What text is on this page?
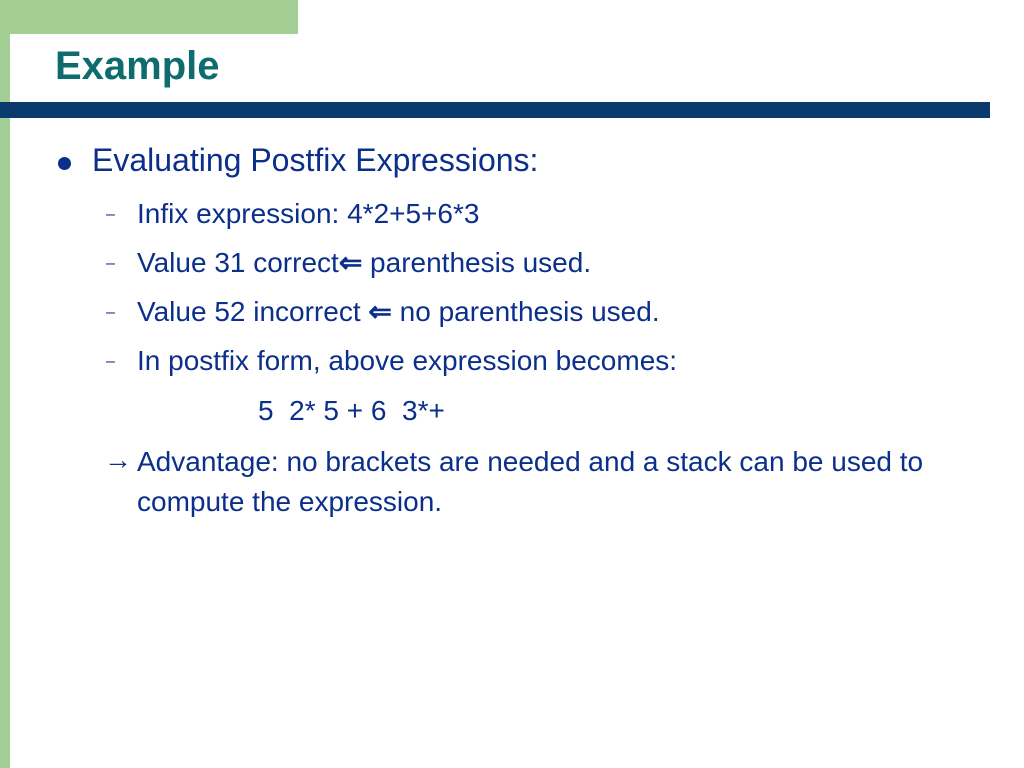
Example
Evaluating Postfix Expressions:
– Infix expression: 4*2+5+6*3
– Value 31 correct⇐ parenthesis used.
– Value 52 incorrect ⇐ no parenthesis used.
– In postfix form, above expression becomes:
5  2* 5 + 6  3*+
→ Advantage: no brackets are needed and a stack can be used to compute the expression.
